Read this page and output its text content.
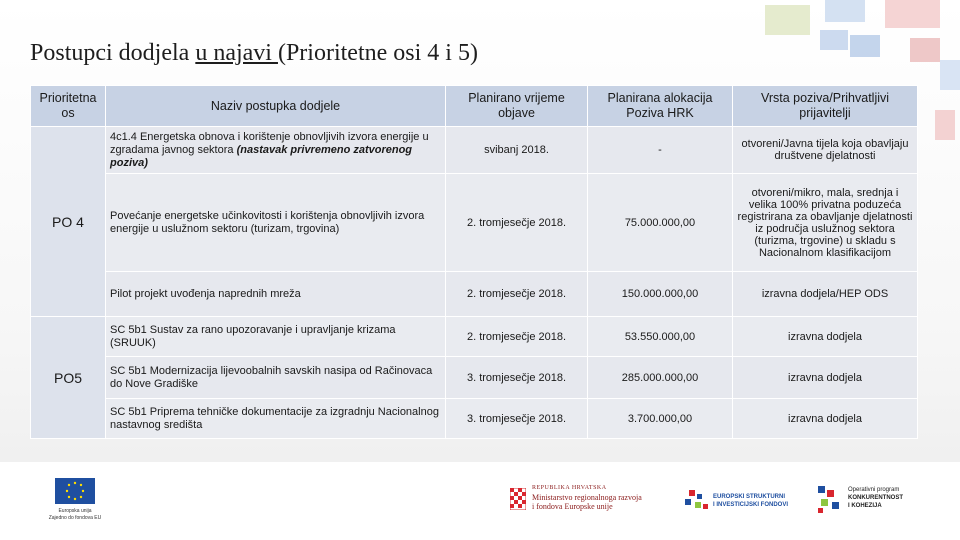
Postupci dodjela u najavi (Prioritetne osi 4 i 5)
Prioritetna os	Naziv postupka dodjele	Planirano vrijeme objave	Planirana alokacija Poziva HRK	Vrsta poziva/Prihvatljivi prijavitelji
PO 4	4c1.4 Energetska obnova i korištenje obnovljivih izvora energije u zgradama javnog sektora (nastavak privremeno zatvorenog poziva)	svibanj 2018.	-	otvoreni/Javna tijela koja obavljaju društvene djelatnosti
	Povećanje energetske učinkovitosti i korištenja obnovljivih izvora energije u uslužnom sektoru (turizam, trgovina)	2. tromjesečje 2018.	75.000.000,00	otvoreni/mikro, mala, srednja i velika 100% privatna poduzeća registrirana za obavljanje djelatnosti iz područja uslužnog sektora (turizma, trgovine) u skladu s Nacionalnom klasifikacijom
	Pilot projekt uvođenja naprednih mreža	2. tromjesečje 2018.	150.000.000,00	izravna dodjela/HEP ODS
PO5	SC 5b1 Sustav za rano upozoravanje i upravljanje krizama (SRUUK)	2. tromjesečje 2018.	53.550.000,00	izravna dodjela
	SC 5b1 Modernizacija lijevoobalnih savskih nasipa od Račinovaca do Nove Gradiške	3. tromjesečje 2018.	285.000.000,00	izravna dodjela
	SC 5b1 Priprema tehničke dokumentacije za izgradnju Nacionalnog nastavnog središta	3. tromjesečje 2018.	3.700.000,00	izravna dodjela
Europska unija
Zajedno do fondova EU
REPUBLIKA HRVATSKA
Ministarstvo regionalnoga razvoja
i fondova Europske unije
EUROPSKI STRUKTURNI
I INVESTICIJSKI FONDOVI
Operativni program
KONKURENTNOST
I KOHEZIJA
